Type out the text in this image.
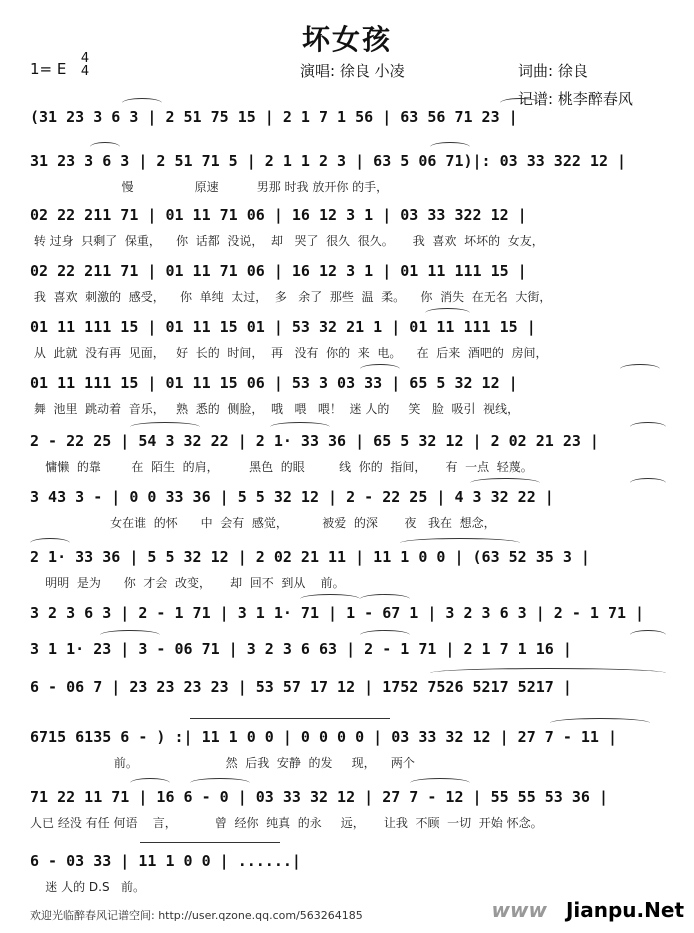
坏女孩
1= E
4
4	演唱: 徐良 小凌	词曲: 徐良
记谱: 桃李醉春风
(31 23 3 6 3 | 2 51 75 15 | 2 1 7 1 56 | 63 56 71 23 |
31 23 3 6 3 | 2 51 71 5 | 2 1 1 2 3 | 63 5 06 71)|: 03 33 322 12 |
慢                原速          男那 时我 放开你 的手，
02 22 211 71 | 01 11 71 06 | 16 12 3 1 | 03 33 322 12 |
转 过身  只剩了  保重，    你  话都  没说，  却   哭了  很久  很久。     我  喜欢  坏坏的  女友，
02 22 211 71 | 01 11 71 06 | 16 12 3 1 | 01 11 111 15 |
我  喜欢  刺激的  感受，    你  单纯  太过，  多   余了  那些  温  柔。    你  消失  在无名  大街，
01 11 111 15 | 01 11 15 01 | 53 32 21 1 | 01 11 111 15 |
从  此就  没有再  见面，   好  长的  时间，  再   没有  你的  来  电。    在  后来  酒吧的  房间，
01 11 111 15 | 01 11 15 06 | 53 3 03 33 | 65 5 32 12 |
舞  池里  跳动着  音乐，   熟  悉的  侧脸，  哦   喂   喂！  迷 人的     笑   脸  吸引  视线，
2 - 22 25 | 54 3 32 22 | 2 1· 33 36 | 65 5 32 12 | 2 02 21 23 |
慵懒  的靠        在  陌生  的肩，        黑色  的眼         线  你的  指间，     有  一点  轻蔑。
3 43 3 - | 0 0 33 36 | 5 5 32 12 | 2 - 22 25 | 4 3 32 22 |
女在谁  的怀      中  会有  感觉，         被爱  的深       夜   我在  想念，
2 1· 33 36 | 5 5 32 12 | 2 02 21 11 | 11 1 0 0 | (63 52 35 3 |
明明  是为      你  才会  改变，     却  回不  到从    前。
3 2 3 6 3 | 2 - 1 71 | 3 1 1· 71 | 1 - 67 1 | 3 2 3 6 3 | 2 - 1 71 |
3 1 1· 23 | 3 - 06 71 | 3 2 3 6 63 | 2 - 1 71 | 2 1 7 1 16 |
6 - 06 7 | 23 23 23 23 | 53 57 17 12 | 1752 7526 5217 5217 |
6715 6135 6 - ) :| 11 1 0 0 | 0 0 0 0 | 03 33 32 12 | 27 7 - 11 |
前。                       然  后我  安静  的发     现，    两个
71 22 11 71 | 16 6 - 0 | 03 33 32 12 | 27 7 - 12 | 55 55 53 36 |
人已 经没 有任 何语    言，          曾  经你  纯真  的永     远，     让我  不顾  一切  开始 怀念。
6 - 03 33 | 11 1 0 0 | ......|
迷 人的 D.S   前。
欢迎光临醉春风记谱空间: http://user.qzone.qq.com/563264185	www Jianpu.Net
